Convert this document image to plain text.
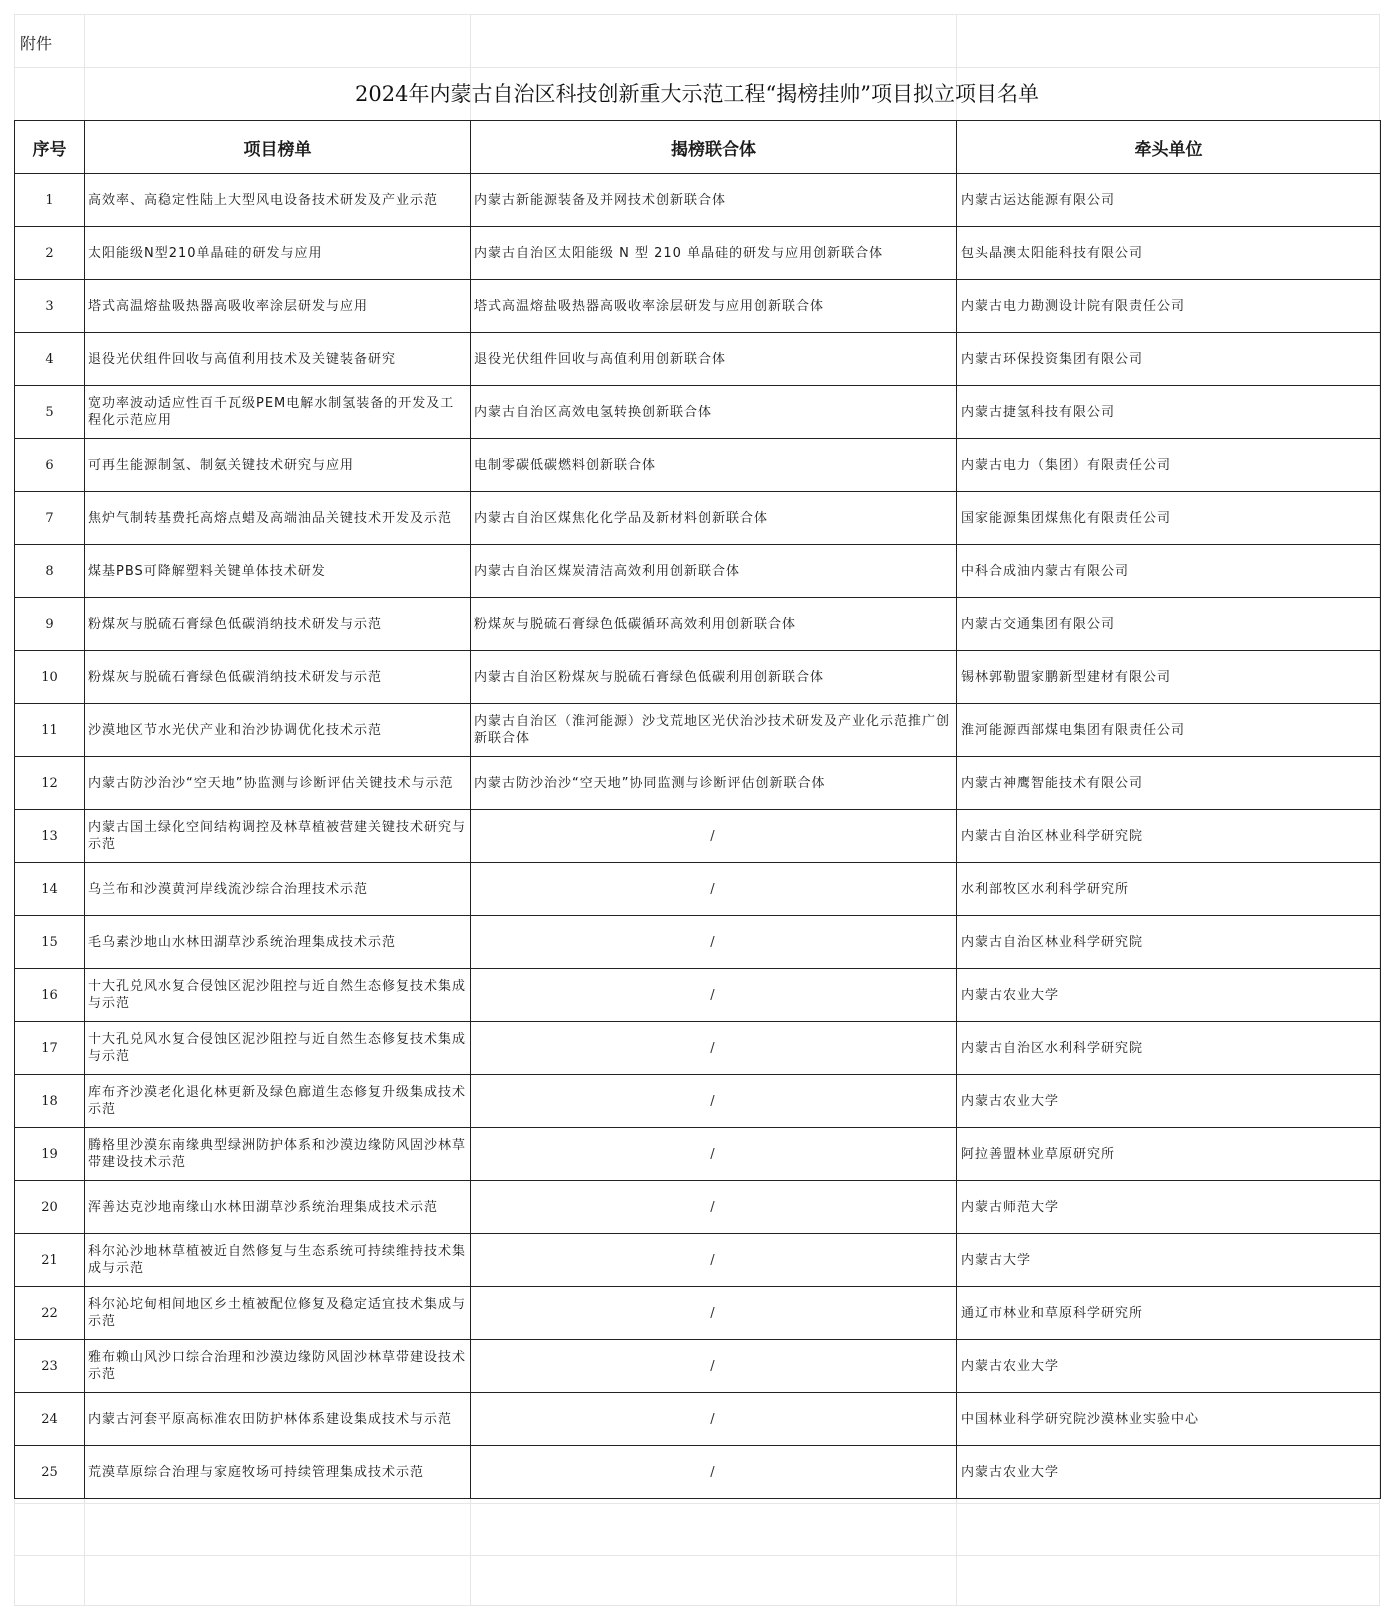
附件
2024年内蒙古自治区科技创新重大示范工程“揭榜挂帅”项目拟立项目名单
序号	项目榜单	揭榜联合体	牵头单位
1	高效率、高稳定性陆上大型风电设备技术研发及产业示范	内蒙古新能源装备及并网技术创新联合体	内蒙古运达能源有限公司
2	太阳能级N型210单晶硅的研发与应用	内蒙古自治区太阳能级 N 型 210 单晶硅的研发与应用创新联合体	包头晶澳太阳能科技有限公司
3	塔式高温熔盐吸热器高吸收率涂层研发与应用	塔式高温熔盐吸热器高吸收率涂层研发与应用创新联合体	内蒙古电力勘测设计院有限责任公司
4	退役光伏组件回收与高值利用技术及关键装备研究	退役光伏组件回收与高值利用创新联合体	内蒙古环保投资集团有限公司
5	宽功率波动适应性百千瓦级PEM电解水制氢装备的开发及工程化示范应用	内蒙古自治区高效电氢转换创新联合体	内蒙古捷氢科技有限公司
6	可再生能源制氢、制氨关键技术研究与应用	电制零碳低碳燃料创新联合体	内蒙古电力（集团）有限责任公司
7	焦炉气制转基费托高熔点蜡及高端油品关键技术开发及示范	内蒙古自治区煤焦化化学品及新材料创新联合体	国家能源集团煤焦化有限责任公司
8	煤基PBS可降解塑料关键单体技术研发	内蒙古自治区煤炭清洁高效利用创新联合体	中科合成油内蒙古有限公司
9	粉煤灰与脱硫石膏绿色低碳消纳技术研发与示范	粉煤灰与脱硫石膏绿色低碳循环高效利用创新联合体	内蒙古交通集团有限公司
10	粉煤灰与脱硫石膏绿色低碳消纳技术研发与示范	内蒙古自治区粉煤灰与脱硫石膏绿色低碳利用创新联合体	锡林郭勒盟家鹏新型建材有限公司
11	沙漠地区节水光伏产业和治沙协调优化技术示范	内蒙古自治区（淮河能源）沙戈荒地区光伏治沙技术研发及产业化示范推广创新联合体	淮河能源西部煤电集团有限责任公司
12	内蒙古防沙治沙“空天地”协监测与诊断评估关键技术与示范	内蒙古防沙治沙“空天地”协同监测与诊断评估创新联合体	内蒙古神鹰智能技术有限公司
13	内蒙古国土绿化空间结构调控及林草植被营建关键技术研究与示范	/	内蒙古自治区林业科学研究院
14	乌兰布和沙漠黄河岸线流沙综合治理技术示范	/	水利部牧区水利科学研究所
15	毛乌素沙地山水林田湖草沙系统治理集成技术示范	/	内蒙古自治区林业科学研究院
16	十大孔兑风水复合侵蚀区泥沙阻控与近自然生态修复技术集成与示范	/	内蒙古农业大学
17	十大孔兑风水复合侵蚀区泥沙阻控与近自然生态修复技术集成与示范	/	内蒙古自治区水利科学研究院
18	库布齐沙漠老化退化林更新及绿色廊道生态修复升级集成技术示范	/	内蒙古农业大学
19	腾格里沙漠东南缘典型绿洲防护体系和沙漠边缘防风固沙林草带建设技术示范	/	阿拉善盟林业草原研究所
20	浑善达克沙地南缘山水林田湖草沙系统治理集成技术示范	/	内蒙古师范大学
21	科尔沁沙地林草植被近自然修复与生态系统可持续维持技术集成与示范	/	内蒙古大学
22	科尔沁坨甸相间地区乡土植被配位修复及稳定适宜技术集成与示范	/	通辽市林业和草原科学研究所
23	雅布赖山风沙口综合治理和沙漠边缘防风固沙林草带建设技术示范	/	内蒙古农业大学
24	内蒙古河套平原高标准农田防护林体系建设集成技术与示范	/	中国林业科学研究院沙漠林业实验中心
25	荒漠草原综合治理与家庭牧场可持续管理集成技术示范	/	内蒙古农业大学
